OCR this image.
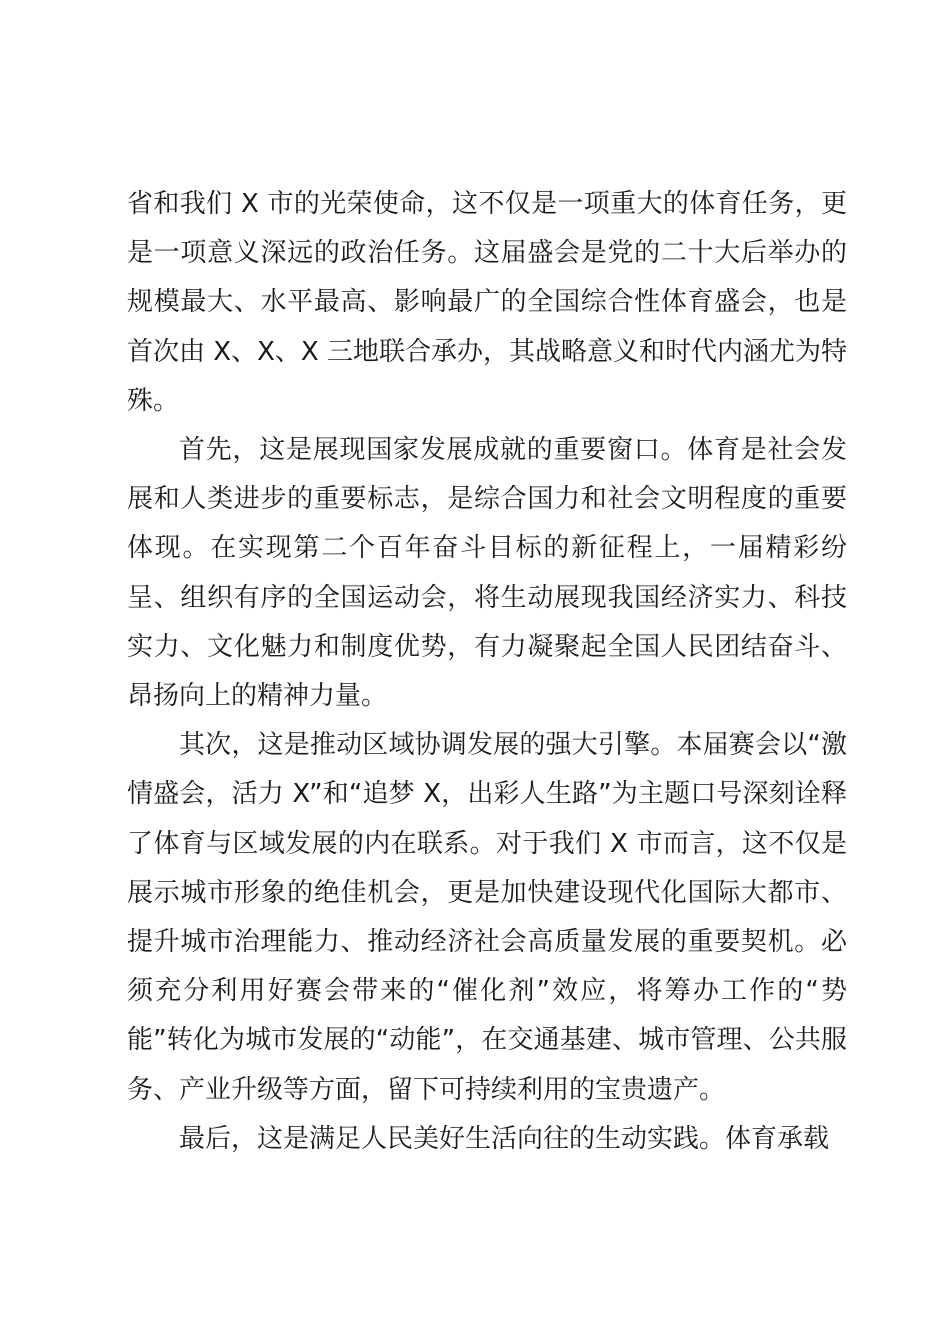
省和我们 X 市的光荣使命，这不仅是一项重大的体育任务，更是一项意义深远的政治任务。这届盛会是党的二十大后举办的规模最大、水平最高、影响最广的全国综合性体育盛会，也是首次由 X、X、X 三地联合承办，其战略意义和时代内涵尤为特殊。

首先，这是展现国家发展成就的重要窗口。体育是社会发展和人类进步的重要标志，是综合国力和社会文明程度的重要体现。在实现第二个百年奋斗目标的新征程上，一届精彩纷呈、组织有序的全国运动会，将生动展现我国经济实力、科技实力、文化魅力和制度优势，有力凝聚起全国人民团结奋斗、昂扬向上的精神力量。

其次，这是推动区域协调发展的强大引擎。本届赛会以“激情盛会，活力 X”和“追梦 X，出彩人生路”为主题口号深刻诠释了体育与区域发展的内在联系。对于我们 X 市而言，这不仅是展示城市形象的绝佳机会，更是加快建设现代化国际大都市、提升城市治理能力、推动经济社会高质量发展的重要契机。必须充分利用好赛会带来的“催化剂”效应，将筹办工作的“势能”转化为城市发展的“动能”，在交通基建、城市管理、公共服务、产业升级等方面，留下可持续利用的宝贵遗产。

最后，这是满足人民美好生活向往的生动实践。体育承载
